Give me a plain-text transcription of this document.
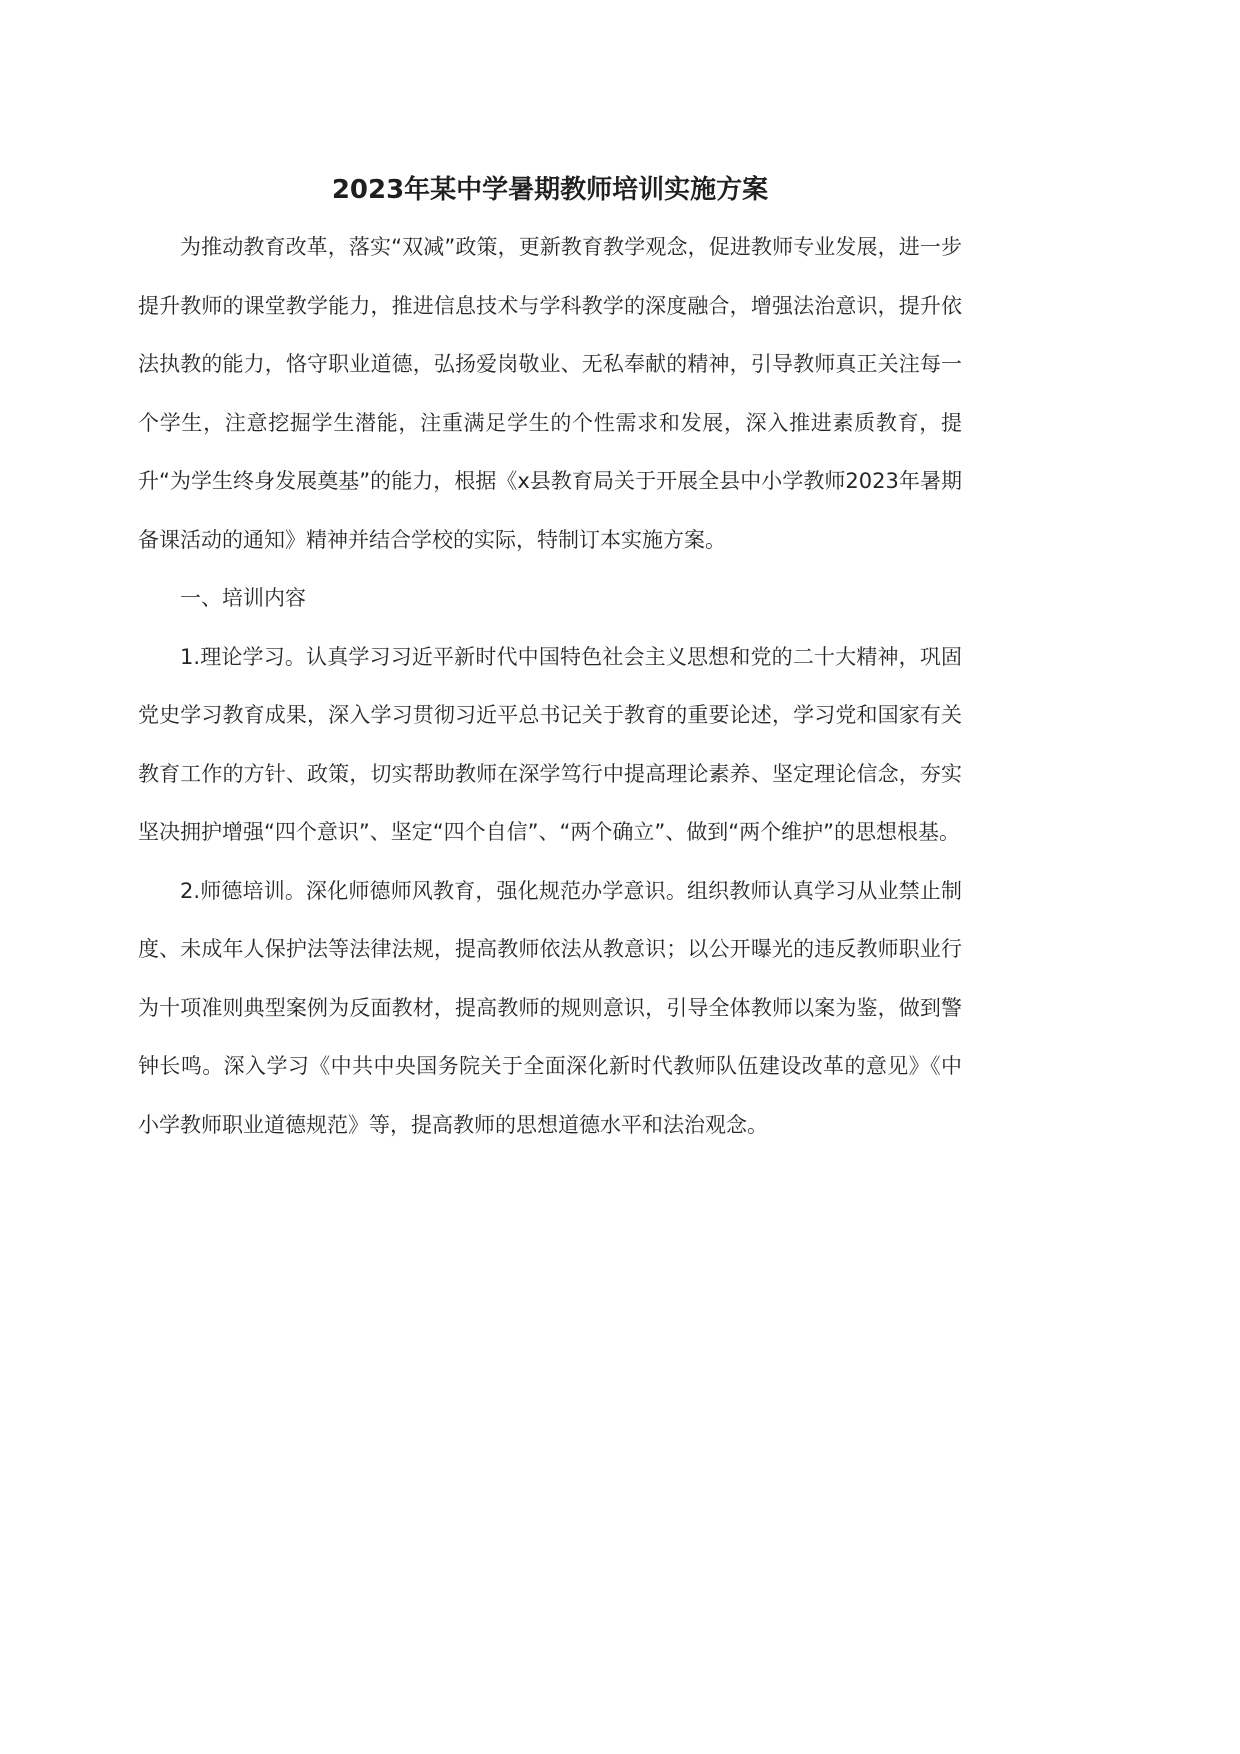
2023年某中学暑期教师培训实施方案

为推动教育改革，落实“双减”政策，更新教育教学观念，促进教师专业发展，进一步提升教师的课堂教学能力，推进信息技术与学科教学的深度融合，增强法治意识，提升依法执教的能力，恪守职业道德，弘扬爱岗敬业、无私奉献的精神，引导教师真正关注每一个学生，注意挖掘学生潜能，注重满足学生的个性需求和发展，深入推进素质教育，提升“为学生终身发展奠基”的能力，根据《x县教育局关于开展全县中小学教师2023年暑期备课活动的通知》精神并结合学校的实际，特制订本实施方案。

一、培训内容

1.理论学习。认真学习习近平新时代中国特色社会主义思想和党的二十大精神，巩固党史学习教育成果，深入学习贯彻习近平总书记关于教育的重要论述，学习党和国家有关教育工作的方针、政策，切实帮助教师在深学笃行中提高理论素养、坚定理论信念，夯实坚决拥护增强“四个意识”、坚定“四个自信”、“两个确立”、做到“两个维护”的思想根基。

2.师德培训。深化师德师风教育，强化规范办学意识。组织教师认真学习从业禁止制度、未成年人保护法等法律法规，提高教师依法从教意识；以公开曝光的违反教师职业行为十项准则典型案例为反面教材，提高教师的规则意识，引导全体教师以案为鉴，做到警钟长鸣。深入学习《中共中央国务院关于全面深化新时代教师队伍建设改革的意见》《中小学教师职业道德规范》等，提高教师的思想道德水平和法治观念。
